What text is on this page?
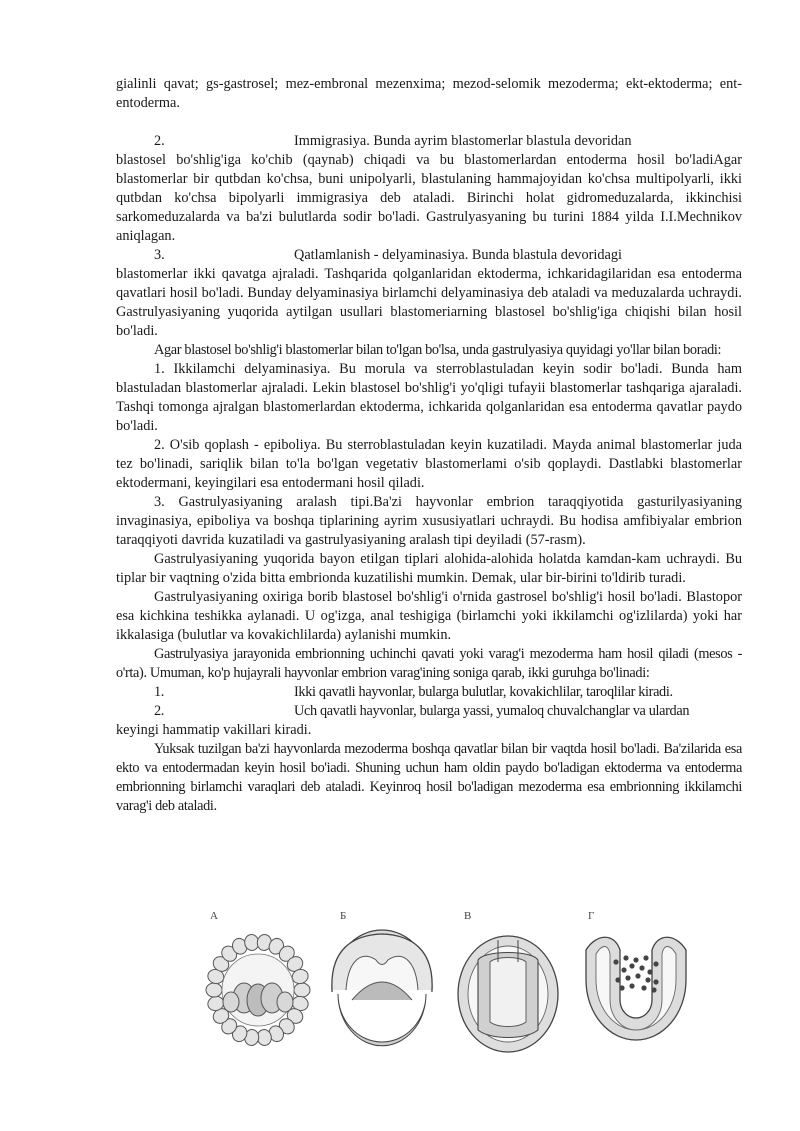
gialinli qavat; gs-gastrosel; mez-embronal mezenxima; mezod-selomik mezoderma; ekt-ektoderma; ent-entoderma.

2.	Immigrasiya. Bunda ayrim blastomerlar blastula devoridan

blastosel bo'shlig'iga ko'chib (qaynab) chiqadi va bu blastomerlardan entoderma hosil bo'ladiAgar blastomerlar bir qutbdan ko'chsa, buni unipolyarli, blastulaning hammajoyidan ko'chsa multipolyarli, ikki qutbdan ko'chsa bipolyarli immigrasiya deb ataladi. Birinchi holat gidromeduzalarda, ikkinchisi sarkomeduzalarda va ba'zi bulutlarda sodir bo'ladi. Gastrulyasyaning bu turini 1884 yilda I.I.Mechnikov aniqlagan.

3.	Qatlamlanish - delyaminasiya. Bunda blastula devoridagi

blastomerlar ikki qavatga ajraladi. Tashqarida qolganlaridan ektoderma, ichkaridagilaridan esa entoderma qavatlari hosil bo'ladi. Bunday delyaminasiya birlamchi delyaminasiya deb ataladi va meduzalarda uchraydi. Gastrulyasiyaning yuqorida aytilgan usullari blastomeriarning blastosel bo'shlig'iga chiqishi bilan hosil bo'ladi.

Agar blastosel bo'shlig'i blastomerlar bilan to'lgan bo'lsa, unda gastrulyasiya quyidagi yo'llar bilan boradi:

1. Ikkilamchi delyaminasiya. Bu morula va sterroblastuladan keyin sodir bo'ladi. Bunda ham blastuladan blastomerlar ajraladi. Lekin blastosel bo'shlig'i yo'qligi tufayii blastomerlar tashqariga ajaraladi. Tashqi tomonga ajralgan blastomerlardan ektoderma, ichkarida qolganlaridan esa entoderma qavatlar paydo bo'ladi.

2. O'sib qoplash - epiboliya. Bu sterroblastuladan keyin kuzatiladi. Mayda animal blastomerlar juda tez bo'linadi, sariqlik bilan to'la bo'lgan vegetativ blastomerlami o'sib qoplaydi. Dastlabki blastomerlar ektodermani, keyingilari esa entodermani hosil qiladi.

3. Gastrulyasiyaning aralash tipi.Ba'zi hayvonlar embrion taraqqiyotida gasturilyasiyaning invaginasiya, epiboliya va boshqa tiplarining ayrim xususiyatlari uchraydi. Bu hodisa amfibiyalar embrion taraqqiyoti davrida kuzatiladi va gastrulyasiyaning aralash tipi deyiladi (57-rasm).

Gastrulyasiyaning yuqorida bayon etilgan tiplari alohida-alohida holatda kamdan-kam uchraydi. Bu tiplar bir vaqtning o'zida bitta embrionda kuzatilishi mumkin. Demak, ular bir-birini to'ldirib turadi.

Gastrulyasiyaning oxiriga borib blastosel bo'shlig'i o'rnida gastrosel bo'shlig'i hosil bo'ladi. Blastopor esa kichkina teshikka aylanadi. U og'izga, anal teshigiga (birlamchi yoki ikkilamchi og'izlilarda) yoki har ikkalasiga (bulutlar va kovakichlilarda) aylanishi mumkin.

Gastrulyasiya jarayonida embrionning uchinchi qavati yoki varag'i mezoderma ham hosil qiladi (mesos - o'rta). Umuman, ko'p hujayrali hayvonlar embrion varag'ining soniga qarab, ikki guruhga bo'linadi:

1.	Ikki qavatli hayvonlar, bularga bulutlar, kovakichlilar, taroqlilar kiradi.

2.	Uch qavatli hayvonlar, bularga yassi, yumaloq chuvalchanglar va ulardan

keyingi hammatip vakillari kiradi.

Yuksak tuzilgan ba'zi hayvonlarda mezoderma boshqa qavatlar bilan bir vaqtda hosil bo'ladi. Ba'zilarida esa ekto va entodermadan keyin hosil bo'iadi. Shuning uchun ham oldin paydo bo'ladigan ektoderma va entoderma embrionning birlamchi varaqlari deb ataladi. Keyinroq hosil bo'ladigan mezoderma esa embrionning ikkilamchi varag'i deb ataladi.

A	Б	В	Г
